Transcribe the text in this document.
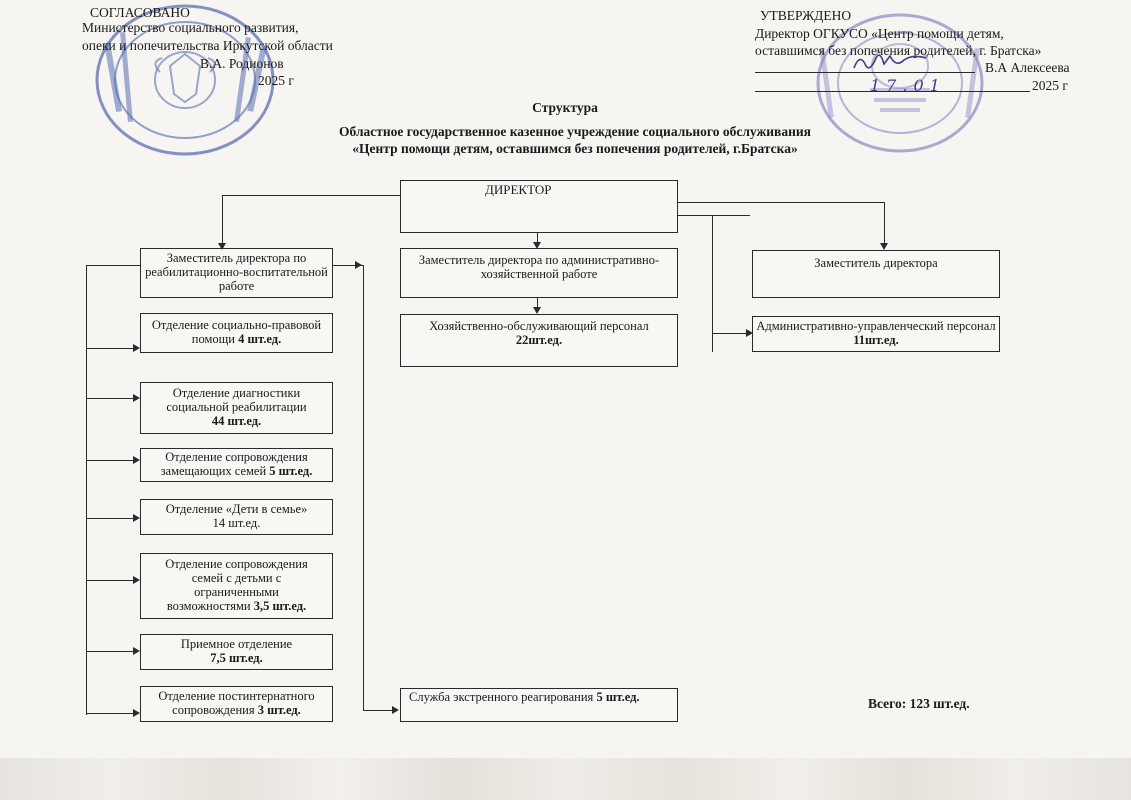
СОГЛАСОВАНО
Министерство социального развития,
опеки и попечительства Иркутской области
В.А. Родионов
2025 г
УТВЕРЖДЕНО
Директор ОГКУСО «Центр помощи детям,
оставшимся без попечения родителей, г. Братска»
В.А Алексеева
2025 г
17.01
Структура
Областное государственное казенное учреждение социального обслуживания
«Центр помощи детям, оставшимся без попечения родителей, г.Братска»
ДИРЕКТОР
Заместитель директора по реабилитационно-воспитательной работе
Заместитель директора по административно-хозяйственной работе
Заместитель директора
Хозяйственно-обслуживающий персонал
22шт.ед.
Административно-управленческий персонал 11шт.ед.
Отделение социально-правовой помощи 4 шт.ед.
Отделение диагностики социальной реабилитации
44 шт.ед.
Отделение сопровождения замещающих семей 5 шт.ед.
Отделение «Дети в семье»
14 шт.ед.
Отделение сопровождения семей с детьми с ограниченными возможностями 3,5 шт.ед.
Приемное отделение
7,5 шт.ед.
Отделение постинтернатного сопровождения 3 шт.ед.
Служба экстренного реагирования 5 шт.ед.	Всего: 123 шт.ед.
